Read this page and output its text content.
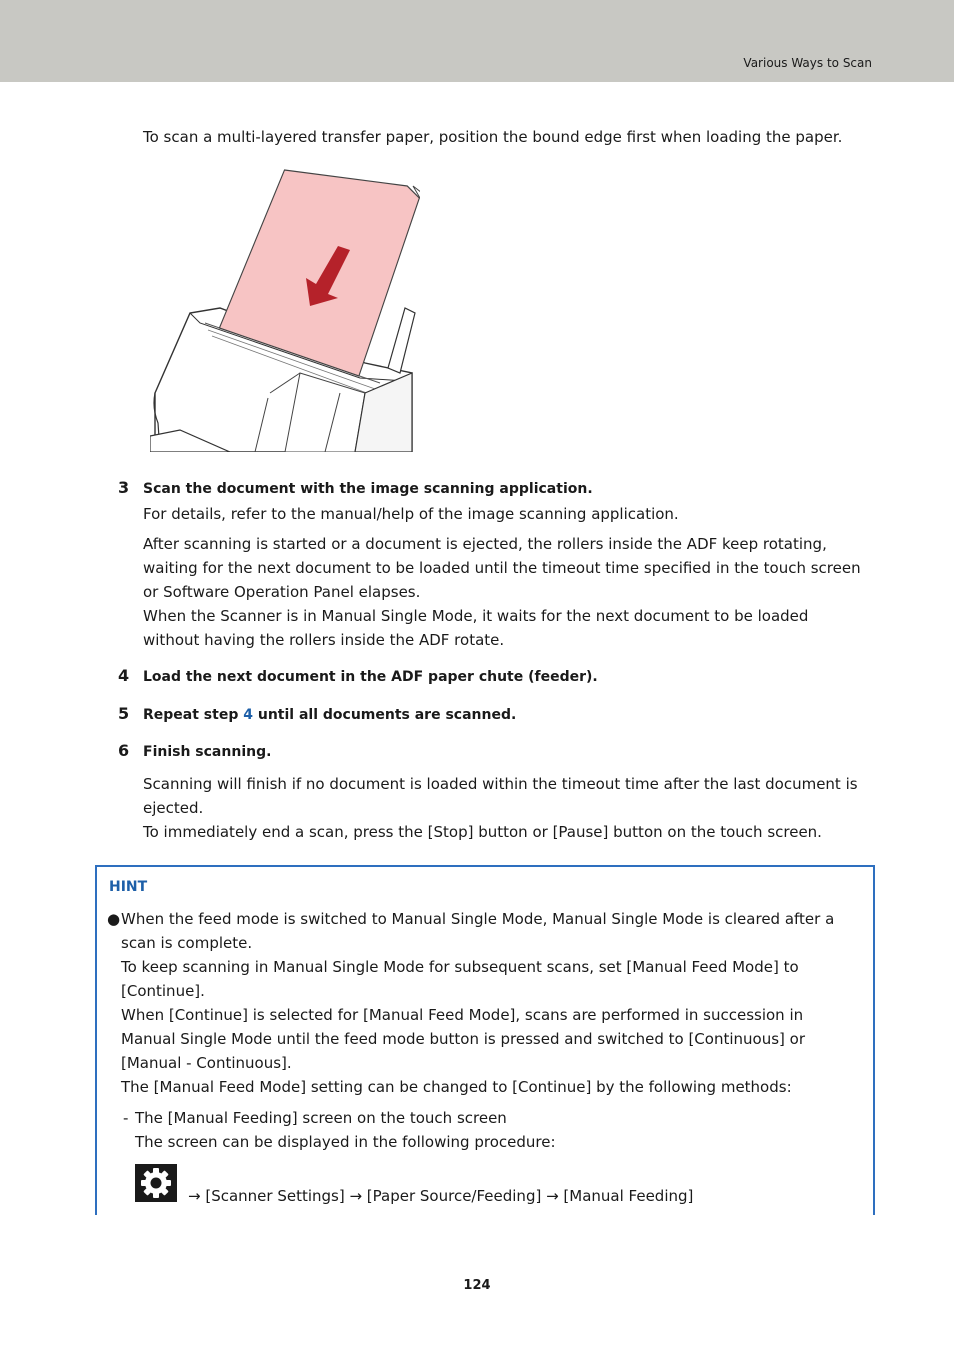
Various Ways to Scan
To scan a multi-layered transfer paper, position the bound edge first when loading the paper.
3 Scan the document with the image scanning application.

For details, refer to the manual/help of the image scanning application.

After scanning is started or a document is ejected, the rollers inside the ADF keep rotating, waiting for the next document to be loaded until the timeout time specified in the touch screen or Software Operation Panel elapses.

When the Scanner is in Manual Single Mode, it waits for the next document to be loaded without having the rollers inside the ADF rotate.

4 Load the next document in the ADF paper chute (feeder).
5 Repeat step 4 until all documents are scanned.
6 Finish scanning.

Scanning will finish if no document is loaded within the timeout time after the last document is ejected.

To immediately end a scan, press the [Stop] button or [Pause] button on the touch screen.

HINT
● When the feed mode is switched to Manual Single Mode, Manual Single Mode is cleared after a scan is complete.

To keep scanning in Manual Single Mode for subsequent scans, set [Manual Feed Mode] to [Continue].

When [Continue] is selected for [Manual Feed Mode], scans are performed in succession in Manual Single Mode until the feed mode button is pressed and switched to [Continuous] or [Manual - Continuous].

The [Manual Feed Mode] setting can be changed to [Continue] by the following methods:

- The [Manual Feeding] screen on the touch screen

The screen can be displayed in the following procedure:

→ [Scanner Settings] → [Paper Source/Feeding] → [Manual Feeding]
124
